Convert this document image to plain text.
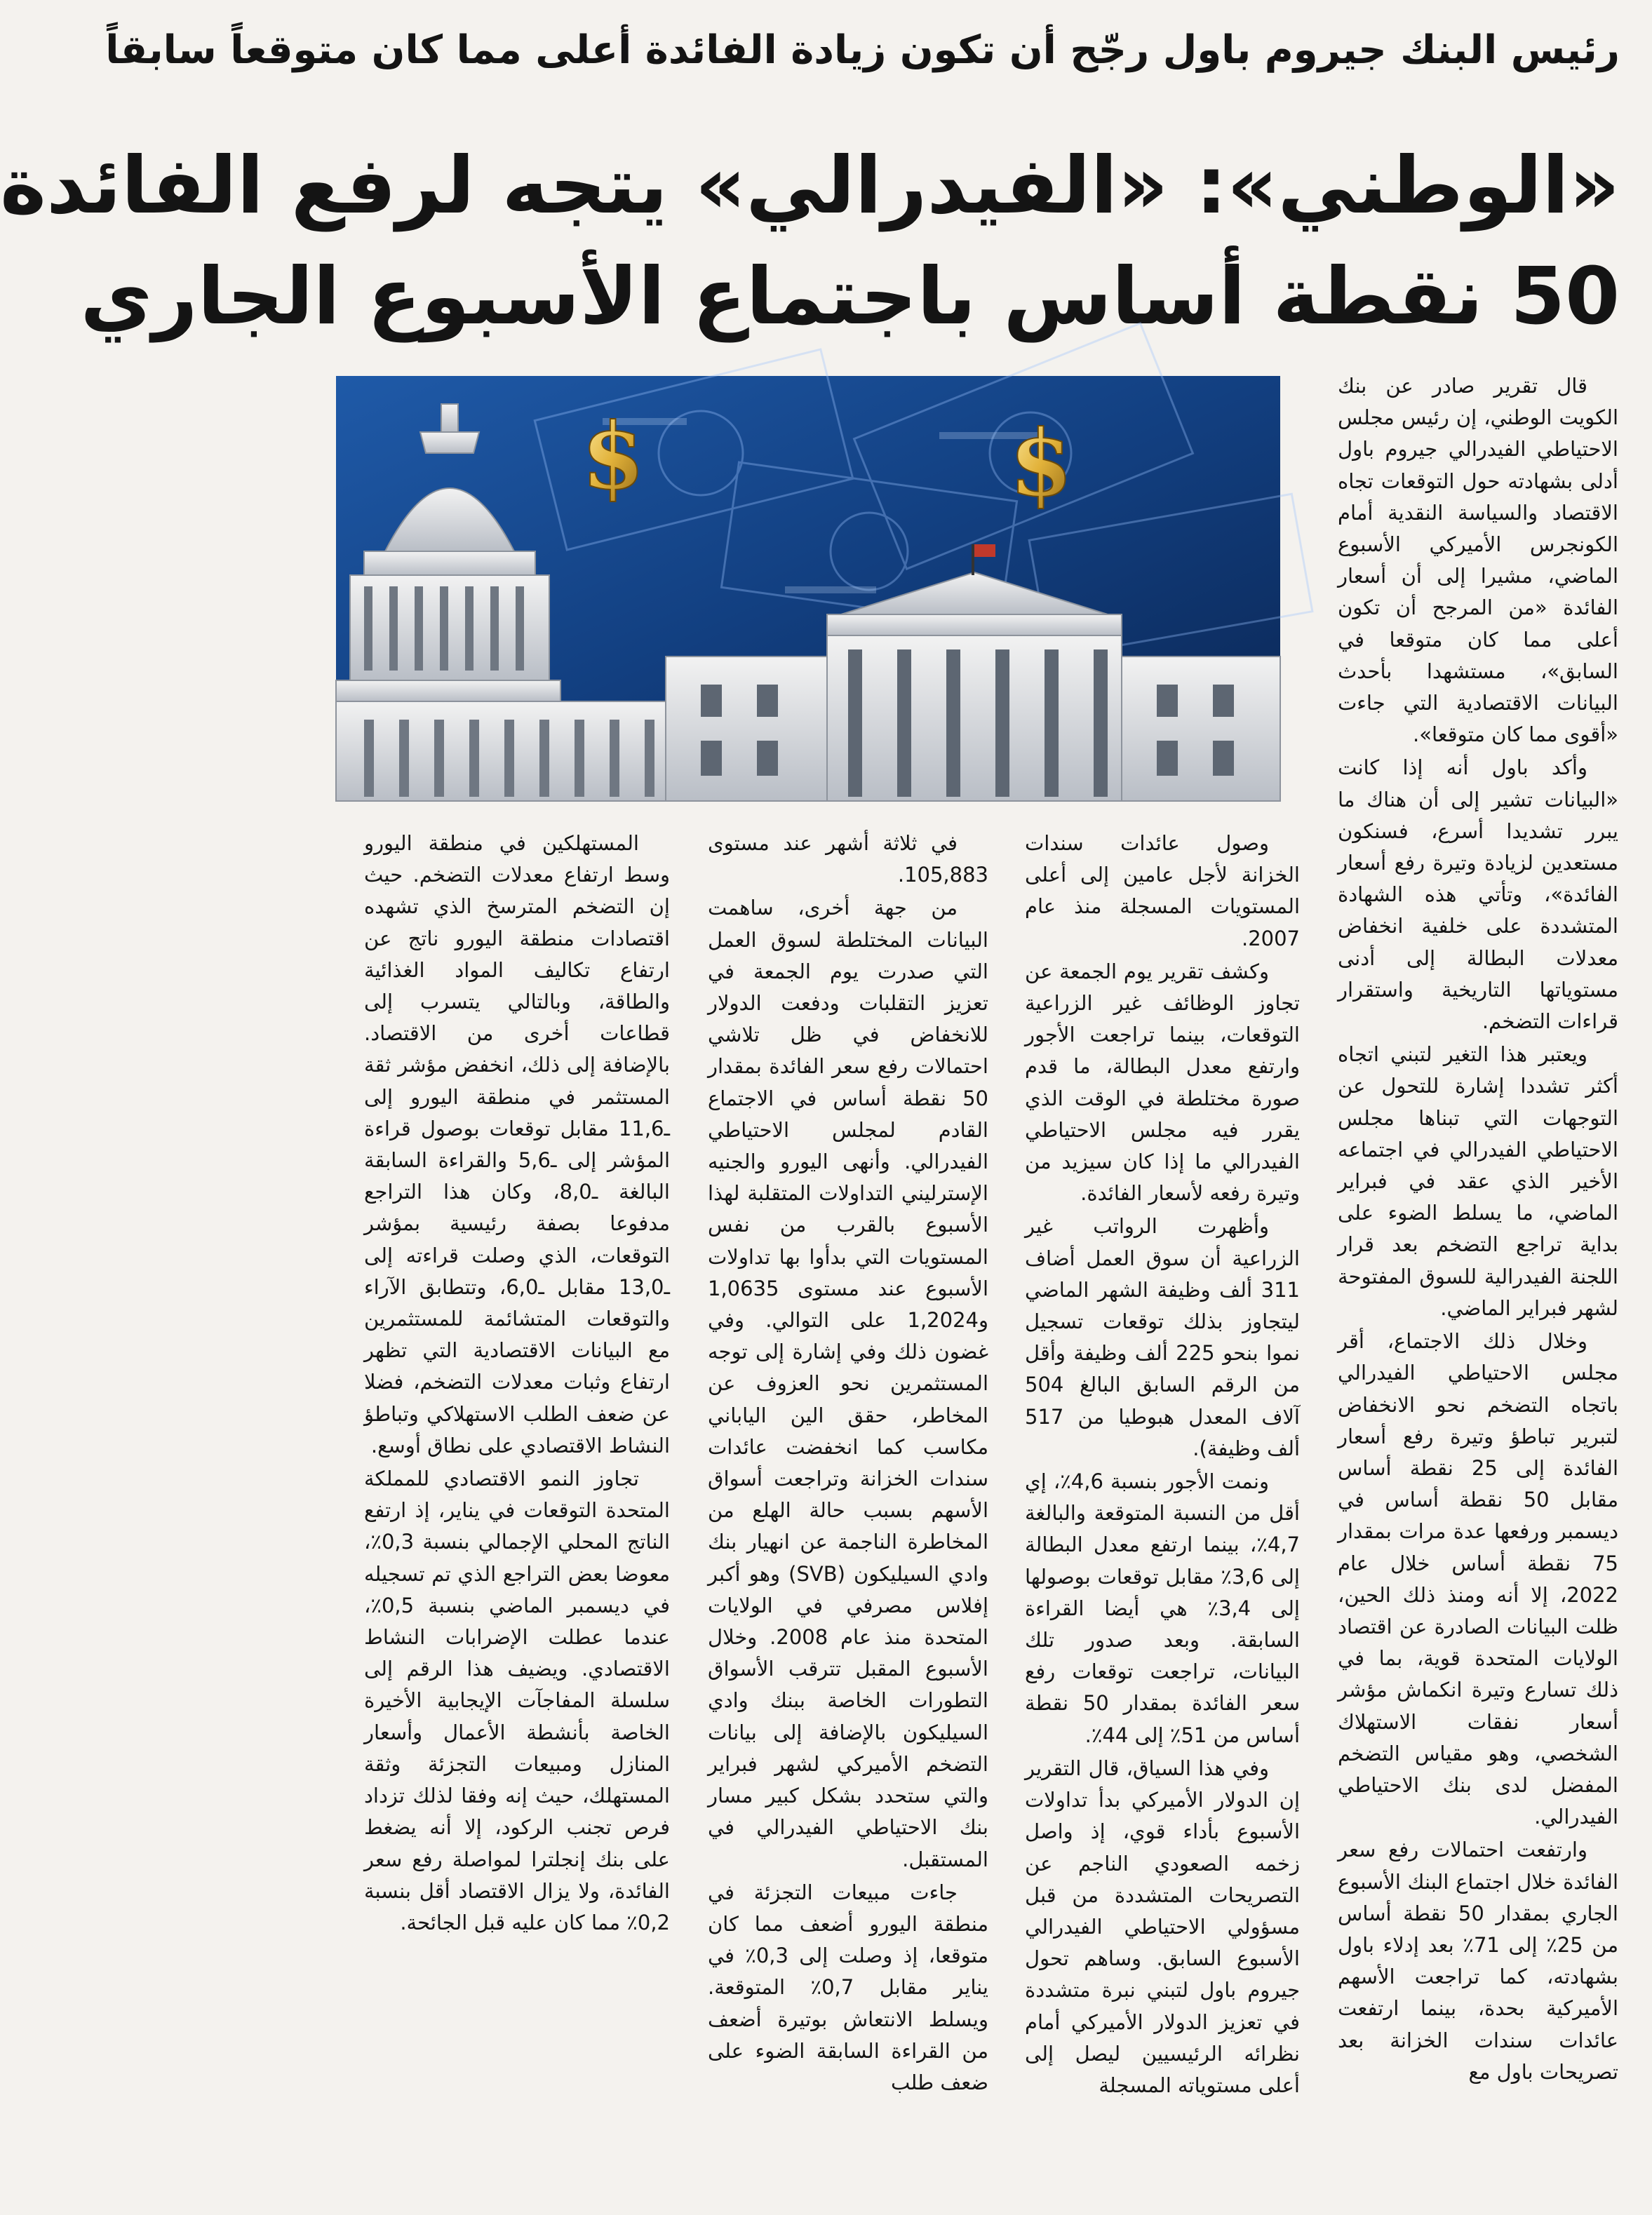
رئيس البنك جيروم باول رجّح أن تكون زيادة الفائدة أعلى مما كان متوقعاً سابقاً
«الوطني»: «الفيدرالي» يتجه لرفع الفائدة
50 نقطة أساس باجتماع الأسبوع الجاري
$	$

قال تقرير صادر عن بنك الكويت الوطني، إن رئيس مجلس الاحتياطي الفيدرالي جيروم باول أدلى بشهادته حول التوقعات تجاه الاقتصاد والسياسة النقدية أمام الكونجرس الأميركي الأسبوع الماضي، مشيرا إلى أن أسعار الفائدة «من المرجح أن تكون أعلى مما كان متوقعا في السابق»، مستشهدا بأحدث البيانات الاقتصادية التي جاءت «أقوى مما كان متوقعا».

وأكد باول أنه إذا كانت «البيانات تشير إلى أن هناك ما يبرر تشديدا أسرع، فسنكون مستعدين لزيادة وتيرة رفع أسعار الفائدة»، وتأتي هذه الشهادة المتشددة على خلفية انخفاض معدلات البطالة إلى أدنى مستوياتها التاريخية واستقرار قراءات التضخم.

ويعتبر هذا التغير لتبني اتجاه أكثر تشددا إشارة للتحول عن التوجهات التي تبناها مجلس الاحتياطي الفيدرالي في اجتماعه الأخير الذي عقد في فبراير الماضي، ما يسلط الضوء على بداية تراجع التضخم بعد قرار اللجنة الفيدرالية للسوق المفتوحة لشهر فبراير الماضي.

وخلال ذلك الاجتماع، أقر مجلس الاحتياطي الفيدرالي باتجاه التضخم نحو الانخفاض لتبرير تباطؤ وتيرة رفع أسعار الفائدة إلى 25 نقطة أساس مقابل 50 نقطة أساس في ديسمبر ورفعها عدة مرات بمقدار 75 نقطة أساس خلال عام 2022، إلا أنه ومنذ ذلك الحين، ظلت البيانات الصادرة عن اقتصاد الولايات المتحدة قوية، بما في ذلك تسارع وتيرة انكماش مؤشر أسعار نفقات الاستهلاك الشخصي، وهو مقياس التضخم المفضل لدى بنك الاحتياطي الفيدرالي.

وارتفعت احتمالات رفع سعر الفائدة خلال اجتماع البنك الأسبوع الجاري بمقدار 50 نقطة أساس من 25٪ إلى 71٪ بعد إدلاء باول بشهادته، كما تراجعت الأسهم الأميركية بحدة، بينما ارتفعت عائدات سندات الخزانة بعد تصريحات باول مع

وصول عائدات سندات الخزانة لأجل عامين إلى أعلى المستويات المسجلة منذ عام 2007.

وكشف تقرير يوم الجمعة عن تجاوز الوظائف غير الزراعية التوقعات، بينما تراجعت الأجور وارتفع معدل البطالة، ما قدم صورة مختلطة في الوقت الذي يقرر فيه مجلس الاحتياطي الفيدرالي ما إذا كان سيزيد من وتيرة رفعه لأسعار الفائدة.

وأظهرت الرواتب غير الزراعية أن سوق العمل أضاف 311 ألف وظيفة الشهر الماضي ليتجاوز بذلك توقعات تسجيل نموا بنحو 225 ألف وظيفة وأقل من الرقم السابق البالغ 504 آلاف المعدل هبوطيا من 517 ألف وظيفة).

ونمت الأجور بنسبة 4,6٪، إي أقل من النسبة المتوقعة والبالغة 4,7٪، بينما ارتفع معدل البطالة إلى 3,6٪ مقابل توقعات بوصولها إلى 3,4٪ هي أيضا القراءة السابقة. وبعد صدور تلك البيانات، تراجعت توقعات رفع سعر الفائدة بمقدار 50 نقطة أساس من 51٪ إلى 44٪.

وفي هذا السياق، قال التقرير إن الدولار الأميركي بدأ تداولات الأسبوع بأداء قوي، إذ واصل زخمه الصعودي الناجم عن التصريحات المتشددة من قبل مسؤولي الاحتياطي الفيدرالي الأسبوع السابق. وساهم تحول جيروم باول لتبني نبرة متشددة في تعزيز الدولار الأميركي أمام نظرائه الرئيسيين ليصل إلى أعلى مستوياته المسجلة

في ثلاثة أشهر عند مستوى 105,883.

من جهة أخرى، ساهمت البيانات المختلطة لسوق العمل التي صدرت يوم الجمعة في تعزيز التقلبات ودفعت الدولار للانخفاض في ظل تلاشي احتمالات رفع سعر الفائدة بمقدار 50 نقطة أساس في الاجتماع القادم لمجلس الاحتياطي الفيدرالي. وأنهى اليورو والجنيه الإسترليني التداولات المتقلبة لهذا الأسبوع بالقرب من نفس المستويات التي بدأوا بها تداولات الأسبوع عند مستوى 1,0635 و1,2024 على التوالي. وفي غضون ذلك وفي إشارة إلى توجه المستثمرين نحو العزوف عن المخاطر، حقق الين الياباني مكاسب كما انخفضت عائدات سندات الخزانة وتراجعت أسواق الأسهم بسبب حالة الهلع من المخاطرة الناجمة عن انهيار بنك وادي السيليكون (SVB) وهو أكبر إفلاس مصرفي في الولايات المتحدة منذ عام 2008. وخلال الأسبوع المقبل تترقب الأسواق التطورات الخاصة ببنك وادي السيليكون بالإضافة إلى بيانات التضخم الأميركي لشهر فبراير والتي ستحدد بشكل كبير مسار بنك الاحتياطي الفيدرالي في المستقبل.

جاءت مبيعات التجزئة في منطقة اليورو أضعف مما كان متوقعا، إذ وصلت إلى 0,3٪ في يناير مقابل 0,7٪ المتوقعة. ويسلط الانتعاش بوتيرة أضعف من القراءة السابقة الضوء على ضعف طلب

المستهلكين في منطقة اليورو وسط ارتفاع معدلات التضخم. حيث إن التضخم المترسخ الذي تشهده اقتصادات منطقة اليورو ناتج عن ارتفاع تكاليف المواد الغذائية والطاقة، وبالتالي يتسرب إلى قطاعات أخرى من الاقتصاد. بالإضافة إلى ذلك، انخفض مؤشر ثقة المستثمر في منطقة اليورو إلى ـ11,6 مقابل توقعات بوصول قراءة المؤشر إلى ـ5,6 والقراءة السابقة البالغة ـ8,0، وكان هذا التراجع مدفوعا بصفة رئيسية بمؤشر التوقعات، الذي وصلت قراءته إلى ـ13,0 مقابل ـ6,0، وتتطابق الآراء والتوقعات المتشائمة للمستثمرين مع البيانات الاقتصادية التي تظهر ارتفاع وثبات معدلات التضخم، فضلا عن ضعف الطلب الاستهلاكي وتباطؤ النشاط الاقتصادي على نطاق أوسع.

تجاوز النمو الاقتصادي للمملكة المتحدة التوقعات في يناير، إذ ارتفع الناتج المحلي الإجمالي بنسبة 0,3٪، معوضا بعض التراجع الذي تم تسجيله في ديسمبر الماضي بنسبة 0,5٪، عندما عطلت الإضرابات النشاط الاقتصادي. ويضيف هذا الرقم إلى سلسلة المفاجآت الإيجابية الأخيرة الخاصة بأنشطة الأعمال وأسعار المنازل ومبيعات التجزئة وثقة المستهلك، حيث إنه وفقا لذلك تزداد فرص تجنب الركود، إلا أنه يضغط على بنك إنجلترا لمواصلة رفع سعر الفائدة، ولا يزال الاقتصاد أقل بنسبة 0,2٪ مما كان عليه قبل الجائحة.
